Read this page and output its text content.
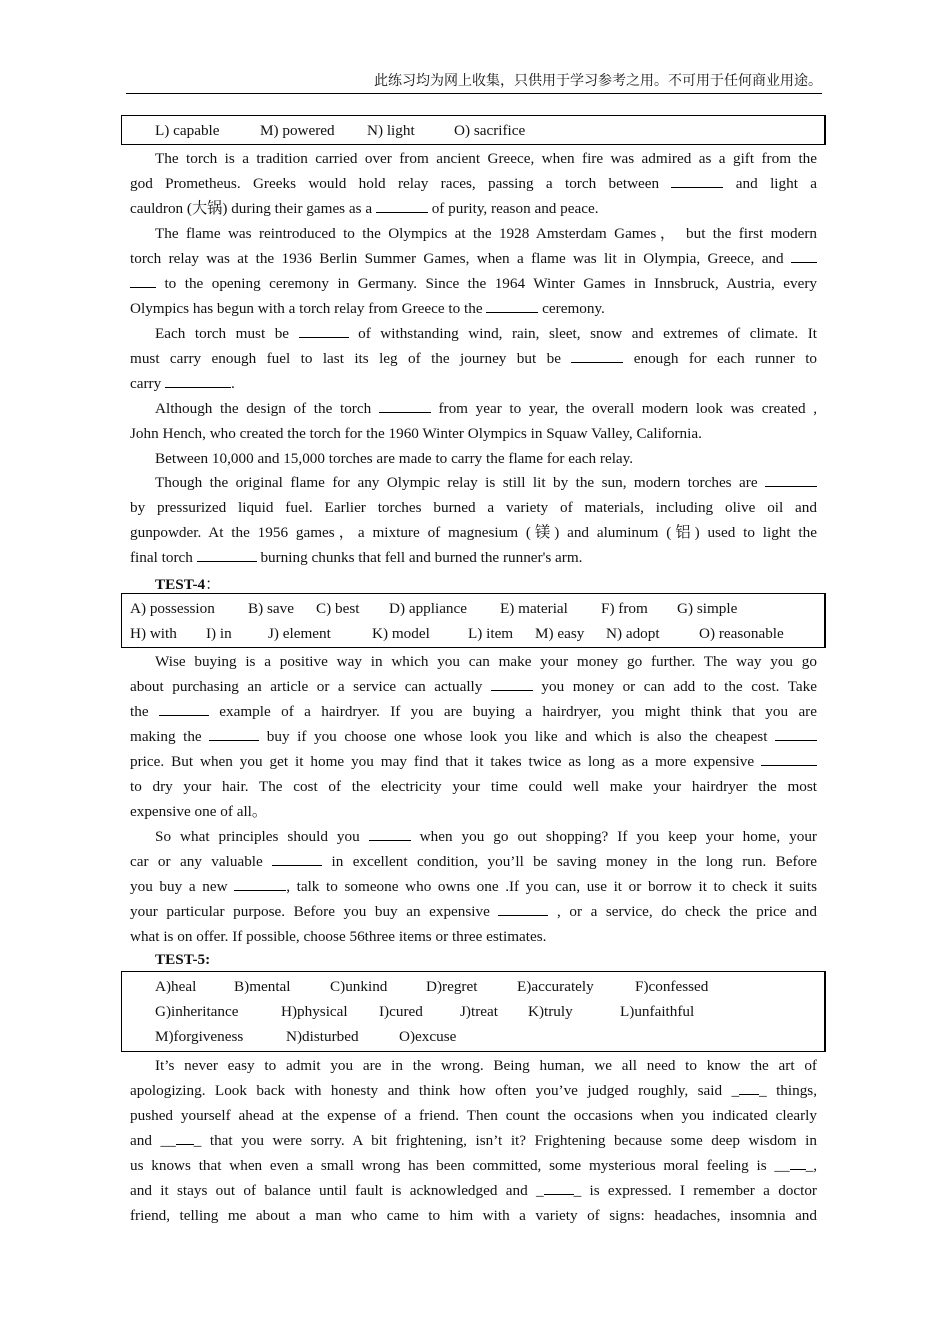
此练习均为网上收集，只供用于学习参考之用。不可用于任何商业用途。
L) capable	M) powered N) light	O) sacrifice
The torch is a tradition carried over from ancient Greece, when fire was admired as a gift from the
god Prometheus. Greeks would hold relay races, passing a torch between	and light a
cauldron (大锅) during their games as a	of purity, reason and peace.
The flame was reintroduced to the Olympics at the 1928 Amsterdam Games， but the first modern
torch relay was at the 1936 Berlin Summer Games, when a flame was lit in Olympia, Greece, and
to the opening ceremony in Germany. Since the 1964 Winter Games in Innsbruck, Austria, every
Olympics has begun with a torch relay from Greece to the	ceremony.
Each torch must be	of withstanding wind, rain, sleet, snow and extremes of climate. It
must carry enough fuel to last its leg of the journey but be	enough for each runner to
carry	.
Although the design of the torch	from year to year, the overall modern look was created ,
John Hench, who created the torch for the 1960 Winter Olympics in Squaw Valley, California.
Between 10,000 and 15,000 torches are made to carry the flame for each relay.
Though the original flame for any Olympic relay is still lit by the sun, modern torches are
by pressurized liquid fuel. Earlier torches burned a variety of materials, including olive oil and
gunpowder. At the 1956 games，a mixture of magnesium (镁) and aluminum (铝) used to light the
final torch	burning chunks that fell and burned the runner's arm.
TEST-4：
A) possession B) save C) best D) appliance E) material F) from G) simple
H) with I) in J) element	K) model	L) item M) easy N) adopt	O) reasonable
Wise buying is a positive way in which you can make your money go further. The way you go
about purchasing an article or a service can actually	you money or can add to the cost. Take
the	example of a hairdryer. If you are buying a hairdryer, you might think that you are
making the	buy if you choose one whose look you like and which is also the cheapest
price. But when you get it home you may find that it takes twice as long as a more expensive
to dry your hair. The cost of the electricity your time could well make your hairdryer the most
expensive one of all。
So what principles should you	when you go out shopping? If you keep your home, your
car or any valuable	in excellent condition, you’ll be saving money in the long run. Before
you buy a new	, talk to someone who owns one .If you can, use it or borrow it to check it suits
your particular purpose. Before you buy an expensive	, or a service, do check the price and
what is on offer. If possible, choose 56three items or three estimates.
TEST-5:
A)heal B)mental	C)unkind	D)regret	E)accurately	F)confessed
G)inheritance	H)physical I)cured J)treat K)truly	L)unfaithful
M)forgiveness	N)disturbed	O)excuse
It’s never easy to admit you are in the wrong. Being human, we all need to know the art of
apologizing. Look back with honesty and think how often you’ve judged roughly, said _ _ things,
pushed yourself ahead at the expense of a friend. Then count the occasions when you indicated clearly
and __ _ that you were sorry. A bit frightening, isn’t it? Frightening because some deep wisdom in
us knows that when even a small wrong has been committed, some mysterious moral feeling is __ _,
and it stays out of balance until fault is acknowledged and _ _ is expressed. I remember a doctor
friend, telling me about a man who came to him with a variety of signs: headaches, insomnia and
